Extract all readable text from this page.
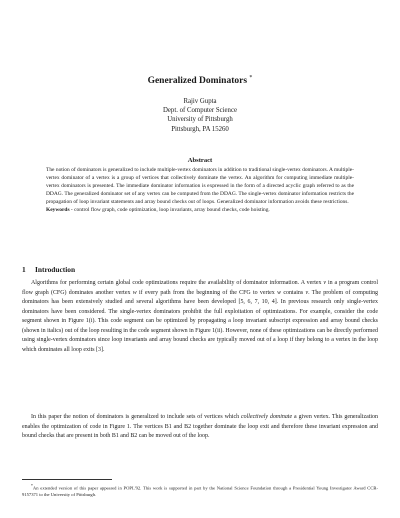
Generalized Dominators *
Rajiv Gupta
Dept. of Computer Science
University of Pittsburgh
Pittsburgh, PA 15260
Abstract
The notion of dominators is generalized to include multiple-vertex dominators in addition to traditional single-vertex dominators. A multiple-vertex dominator of a vertex is a group of vertices that collectively dominate the vertex. An algorithm for computing immediate multiple-vertex dominators is presented. The immediate dominator information is expressed in the form of a directed acyclic graph referred to as the DDAG. The generalized dominator set of any vertex can be computed from the DDAG. The single-vertex dominator information restricts the propagation of loop invariant statements and array bound checks out of loops. Generalized dominator information avoids these restrictions.
Keywords - control flow graph, code optimization, loop invariants, array bound checks, code hoisting.
1 Introduction
Algorithms for performing certain global code optimizations require the availability of dominator information. A vertex v in a program control flow graph (CFG) dominates another vertex w if every path from the beginning of the CFG to vertex w contains v. The problem of computing dominators has been extensively studied and several algorithms have been developed [5, 6, 7, 10, 4]. In previous research only single-vertex dominators have been considered. The single-vertex dominators prohibit the full exploitation of optimizations. For example, consider the code segment shown in Figure 1(i). This code segment can be optimized by propagating a loop invariant subscript expression and array bound checks (shown in italics) out of the loop resulting in the code segment shown in Figure 1(ii). However, none of these optimizations can be directly performed using single-vertex dominators since loop invariants and array bound checks are typically moved out of a loop if they belong to a vertex in the loop which dominates all loop exits [3].
In this paper the notion of dominators is generalized to include sets of vertices which collectively dominate a given vertex. This generalization enables the optimization of code in Figure 1. The vertices B1 and B2 together dominate the loop exit and therefore these invariant expression and bound checks that are present in both B1 and B2 can be moved out of the loop.
*An extended version of this paper appeared in POPL'92. This work is supported in part by the National Science Foundation through a Presidential Young Investigator Award CCR-9157371 to the University of Pittsburgh.
